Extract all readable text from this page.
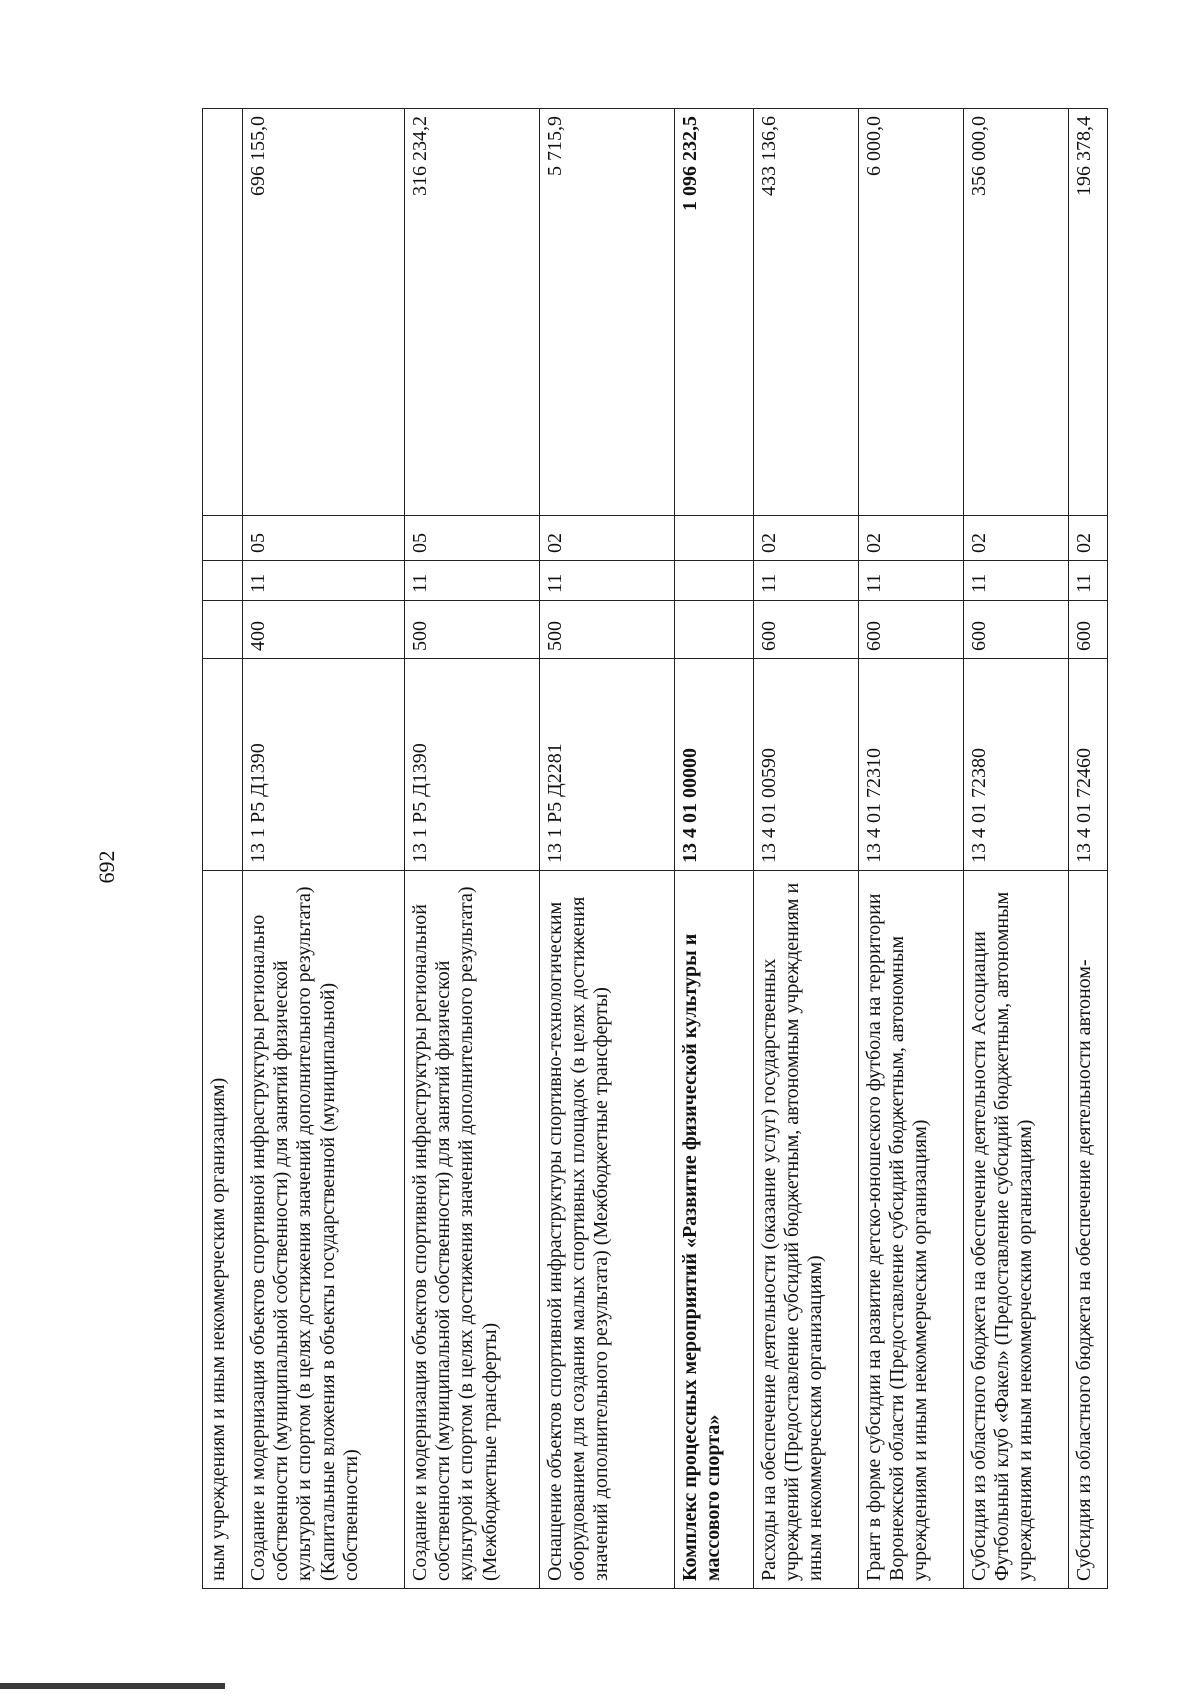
692
ным учреждениям и иным некоммерческим организациям)					
Создание и модернизация объектов спортивной инфраструктуры регионально собственности (муниципальной собственности) для занятий физической культурой и спортом (в целях достижения значений дополнительного результата) (Капитальные вложения в объекты государственной (муниципальной) собственности)	13 1 Р5 Д1390	400	11	05	696 155,0
Создание и модернизация объектов спортивной инфраструктуры региональной собственности (муниципальной собственности) для занятий физической культурой и спортом (в целях достижения значений дополнительного результата) (Межбюджетные трансферты)	13 1 Р5 Д1390	500	11	05	316 234,2
Оснащение объектов спортивной инфраструктуры спортивно-технологическим оборудованием для создания малых спортивных площадок (в целях достижения значений дополнительного результата) (Межбюджетные трансферты)	13 1 Р5 Д2281	500	11	02	5 715,9
Комплекс процессных мероприятий «Развитие физической культуры и массового спорта»	13 4 01 00000				1 096 232,5
Расходы на обеспечение деятельности (оказание услуг) государственных учреждений (Предоставление субсидий бюджетным, автономным учреждениям и иным некоммерческим организациям)	13 4 01 00590	600	11	02	433 136,6
Грант в форме субсидии на развитие детско-юношеского футбола на территории Воронежской области (Предоставление субсидий бюджетным, автономным учреждениям и иным некоммерческим организациям)	13 4 01 72310	600	11	02	6 000,0
Субсидия из областного бюджета на обеспечение деятельности Ассоциации Футбольный клуб «Факел» (Предоставление субсидий бюджетным, автономным учреждениям и иным некоммерческим организациям)	13 4 01 72380	600	11	02	356 000,0
Субсидия из областного бюджета на обеспечение деятельности автоном-	13 4 01 72460	600	11	02	196 378,4
